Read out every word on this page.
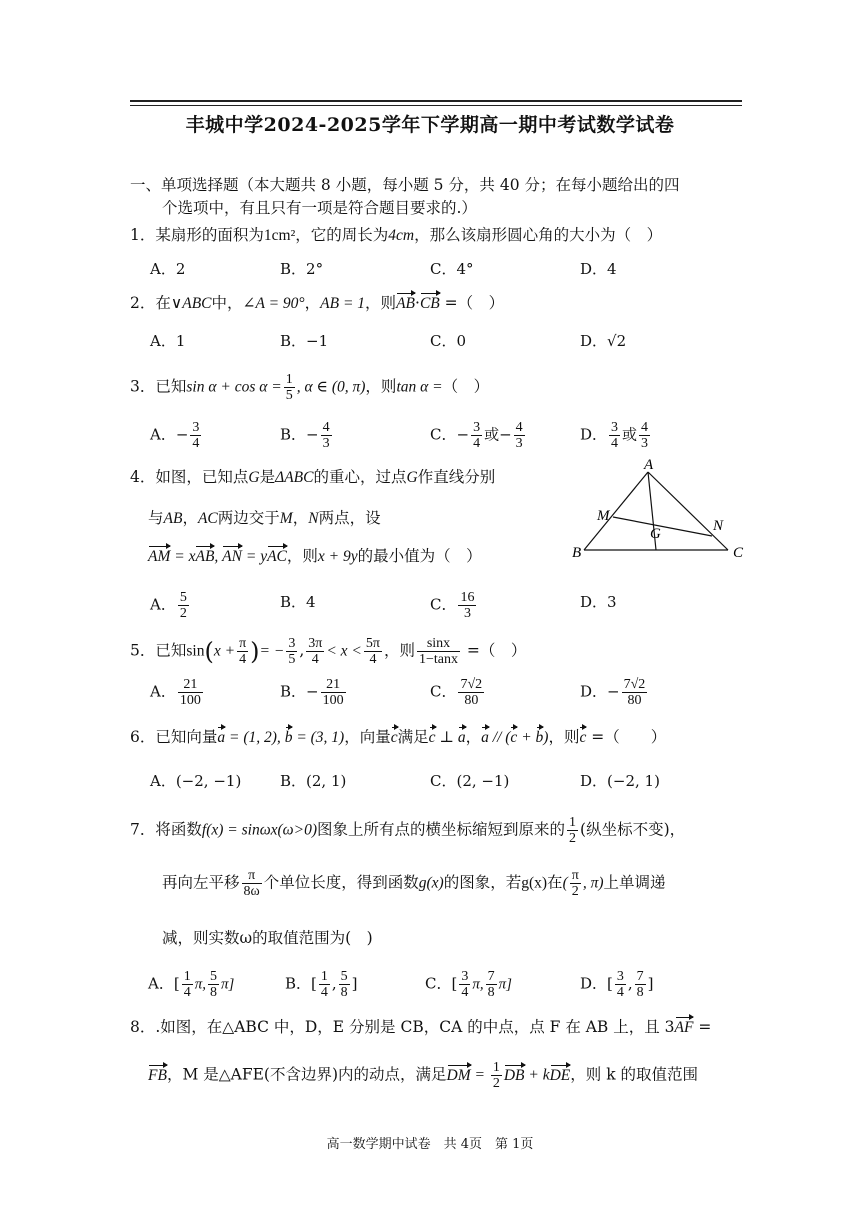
丰城中学2024-2025学年下学期高一期中考试数学试卷
一、单项选择题（本大题共 8 小题，每小题 5 分，共 40 分；在每小题给出的四
个选项中，有且只有一项是符合题目要求的.）
1．某扇形的面积为1cm²，它的周长为4cm，那么该扇形圆心角的大小为（　）
A．2	B．2°	C．4°	D．4
2．在∨ABC中，∠A = 90°，AB = 1，则AB·CB =（　）
A．1	B．−1	C．0	D．√2
3．已知$\sin \alpha + \cos \alpha = \frac{1}{5}$ , α ∈ (0, π)，则tan α =（　）
A．− $\frac{3}{4}$	B．− $\frac{4}{3}$	C．− $\frac{3}{4}$ 或− $\frac{4}{3}$	D． $\frac{3}{4}$ 或 $\frac{4}{3}$
4．如图，已知点G是ΔABC的重心，过点G作直线分别
与AB，AC两边交于M，N两点，设
AM = xAB, AN = yAC，则x + 9y的最小值为（　）
A
B	C
M
N
G
A． $\frac{5}{2}$	B．4	C． $\frac{16}{3}$	D．3
5．已知$\sin(x + \frac{\pi}{4}$ )= − $\frac{3}{5}$ , $\frac{3\pi}{4} < x < \frac{5\pi}{4}$ ，则 $\frac{\sin x}{1-\tan x}$ =（　）
A． $\frac{21}{100}$	B．− $\frac{21}{100}$	C． $\frac{7√2}{80}$	D．− $\frac{7√2}{80}$
6．已知向量a = (1, 2), b = (3, 1)，向量c满足c ⊥ a，a // (c + b)，则c =（　　）
A．(−2, −1)	B．(2, 1)	C．(2, −1)	D．(−2, 1)
7．将函数f(x) = sinωx(ω>0)图象上所有点的横坐标缩短到原来的 $\frac{1}{2}$ (纵坐标不变)，
再向左平移 $\frac{\pi}{8\omega}$ 个单位长度，得到函数g(x)的图象，若g(x)在( $\frac{\pi}{2}$ , π)上单调递
减，则实数ω的取值范围为(　)
A．[ $\frac{1}{4} \pi$, $\frac{5}{8} \pi$]	B．[ $\frac{1}{4}$ , $\frac{5}{8}$ ]	C．[ $\frac{3}{4} \pi$, $\frac{7}{8} \pi$]	D．[ $\frac{3}{4}$ , $\frac{7}{8}$ ]
8．.如图，在△ABC 中，D，E 分别是 CB，CA 的中点，点 F 在 AB 上，且 3AF =
FB，M 是△AFE(不含边界)内的动点，满足DM = $\frac{1}{2}$ DB + kDE，则 k 的取值范围
高一数学期中试卷　共 4页　第 1页
